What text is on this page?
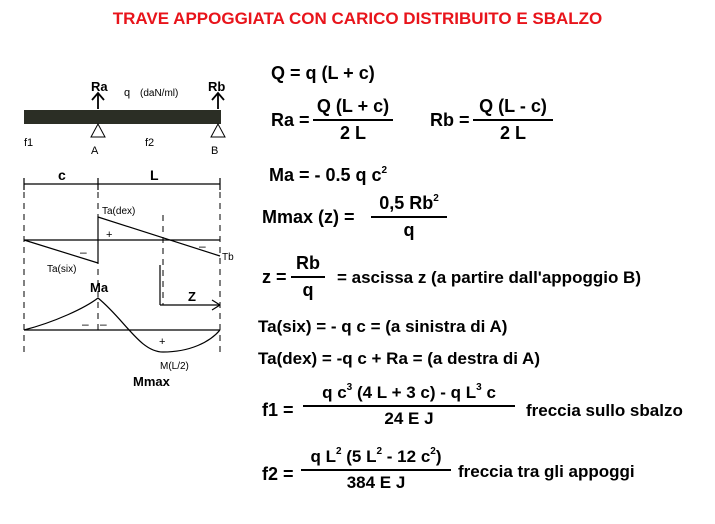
TRAVE APPOGGIATA CON CARICO DISTRIBUITO E SBALZO
Ra	Rb
q (daN/ml)
f1	f2
A	B
c	L
Ta(dex)
Ta(six)
Tb
–
+
–
Ma
Z
– –
+
M(L/2)
Mmax
Q = q (L + c)
$Ra = \frac{Q (L + c)}{2 L}$ $Rb = \frac{Q (L - c)}{2 L}$
Ma = - 0.5 q $c^2$
Mmax $(z) = \frac{0,5 Rb^2}{q}$
$z = \frac{Rb}{q}$ = ascissa z (a partire dall'appoggio B)
Ta(six) = - q c = (a sinistra di A)
Ta(dex) = -q c + Ra = (a destra di A)
$f1 = \frac{q c^3 (4 L + 3 c) - q L^3 c}{\text{24 E J}}$ freccia sullo sbalzo
$f2 = \frac{q L^2 (5 L^2 - 12 c^2)}{\text{384 E J}}$ freccia tra gli appoggi
